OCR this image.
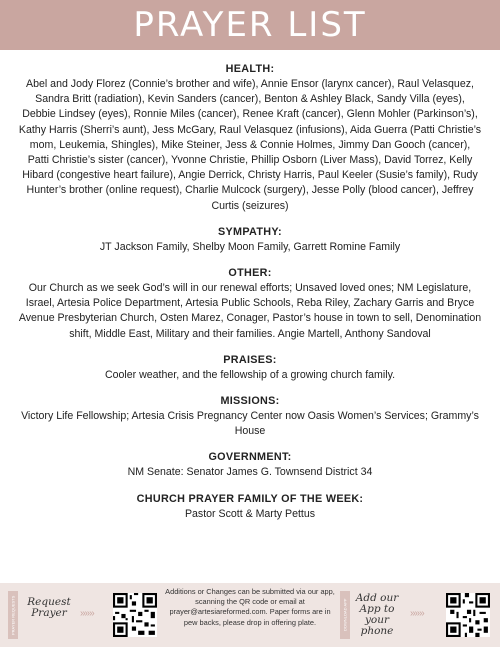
PRAYER LIST
HEALTH:

Abel and Jody Florez (Connie’s brother and wife), Annie Ensor (larynx cancer), Raul Velasquez, Sandra Britt (radiation), Kevin Sanders (cancer), Benton & Ashley Black, Sandy Villa (eyes), Debbie Lindsey (eyes), Ronnie Miles (cancer), Renee Kraft (cancer), Glenn Mohler (Parkinson’s), Kathy Harris (Sherri’s aunt), Jess McGary, Raul Velasquez (infusions), Aida Guerra (Patti Christie’s mom, Leukemia, Shingles), Mike Steiner, Jess & Connie Holmes, Jimmy Dan Gooch (cancer), Patti Christie’s sister (cancer), Yvonne Christie, Phillip Osborn (Liver Mass), David Torrez, Kelly Hibard (congestive heart failure), Angie Derrick, Christy Harris, Paul Keeler (Susie’s family), Rudy Hunter’s brother (online request), Charlie Mulcock (surgery), Jesse Polly (blood cancer), Jeffrey Curtis (seizures)

SYMPATHY:

JT Jackson Family, Shelby Moon Family, Garrett Romine Family

OTHER:

Our Church as we seek God’s will in our renewal efforts; Unsaved loved ones; NM Legislature, Israel, Artesia Police Department, Artesia Public Schools, Reba Riley, Zachary Garris and Bryce Avenue Presbyterian Church, Osten Marez, Conager, Pastor’s house in town to sell, Denomination shift, Middle East, Military and their families. Angie Martell, Anthony Sandoval

PRAISES:

Cooler weather, and the fellowship of a growing church family.

MISSIONS:

Victory Life Fellowship; Artesia Crisis Pregnancy Center now Oasis Women’s Services; Grammy’s House

GOVERNMENT:

NM Senate: Senator James G. Townsend District 34

CHURCH PRAYER FAMILY OF THE WEEK:

Pastor Scott & Marty Pettus

PRAYER REQUESTS	Request Prayer	»»»
Additions or Changes can be submitted via our app, scanning the QR code or email at prayer@artesiareformed.com. Paper forms are in pew backs, please drop in offering plate.	DOWNLOAD APP
Add our App to your phone
»»»
